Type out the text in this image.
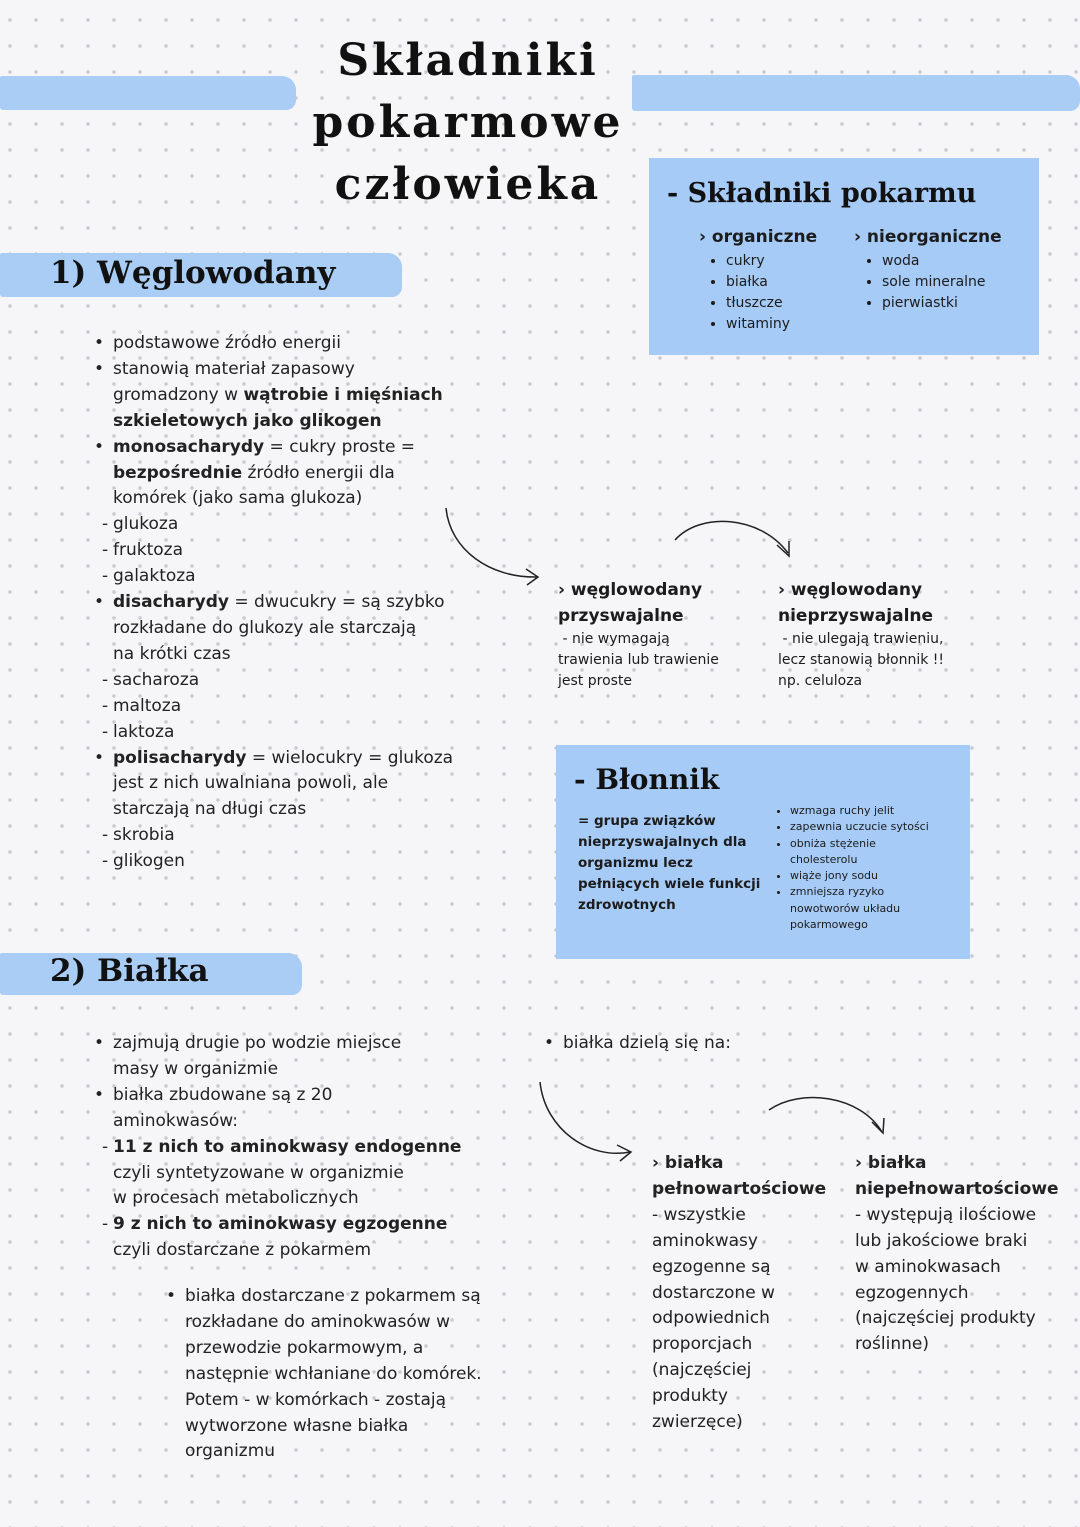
Składniki
pokarmowe
człowieka	- Składniki pokarmu
› organiczne
• cukry
• białka
• tłuszcze
• witaminy
› nieorganiczne
• woda
• sole mineralne
• pierwiastki
1) Węglowodany
• podstawowe źródło energii
• stanowią materiał zapasowy
gromadzony w wątrobie i mięśniach
szkieletowych jako glikogen
• monosacharydy = cukry proste =
bezpośrednie źródło energii dla
komórek (jako sama glukoza)
- glukoza
- fruktoza
- galaktoza
• disacharydy = dwucukry = są szybko
rozkładane do glukozy ale starczają
na krótki czas
- sacharoza
- maltoza
- laktoza
• polisacharydy = wielocukry = glukoza
jest z nich uwalniana powoli, ale
starczają na długi czas
- skrobia
- glikogen
› węglowodany
przyswajalne
- nie wymagają
trawienia lub trawienie
jest proste
› węglowodany
nieprzyswajalne
- nie ulegają trawieniu,
lecz stanowią błonnik !!
np. celuloza
- Błonnik
= grupa związków
nieprzyswajalnych dla
organizmu lecz
pełniących wiele funkcji
zdrowotnych
• wzmaga ruchy jelit
• zapewnia uczucie sytości
• obniża stężenie cholesterolu
• wiąże jony sodu
• zmniejsza ryzyko nowotworów układu pokarmowego
2) Białka
• zajmują drugie po wodzie miejsce
masy w organizmie
• białka zbudowane są z 20
aminokwasów:
- 11 z nich to aminokwasy endogenne
czyli syntetyzowane w organizmie
w procesach metabolicznych
- 9 z nich to aminokwasy egzogenne
czyli dostarczane z pokarmem
• białka dostarczane z pokarmem są
rozkładane do aminokwasów w
przewodzie pokarmowym, a
następnie wchłaniane do komórek.
Potem - w komórkach - zostają
wytworzone własne białka
organizmu
• białka dzielą się na:
› białka
pełnowartościowe
- wszystkie
aminokwasy
egzogenne są
dostarczone w
odpowiednich
proporcjach
(najczęściej
produkty
zwierzęce)
› białka
niepełnowartościowe
- występują ilościowe
lub jakościowe braki
w aminokwasach
egzogennych
(najczęściej produkty
roślinne)
